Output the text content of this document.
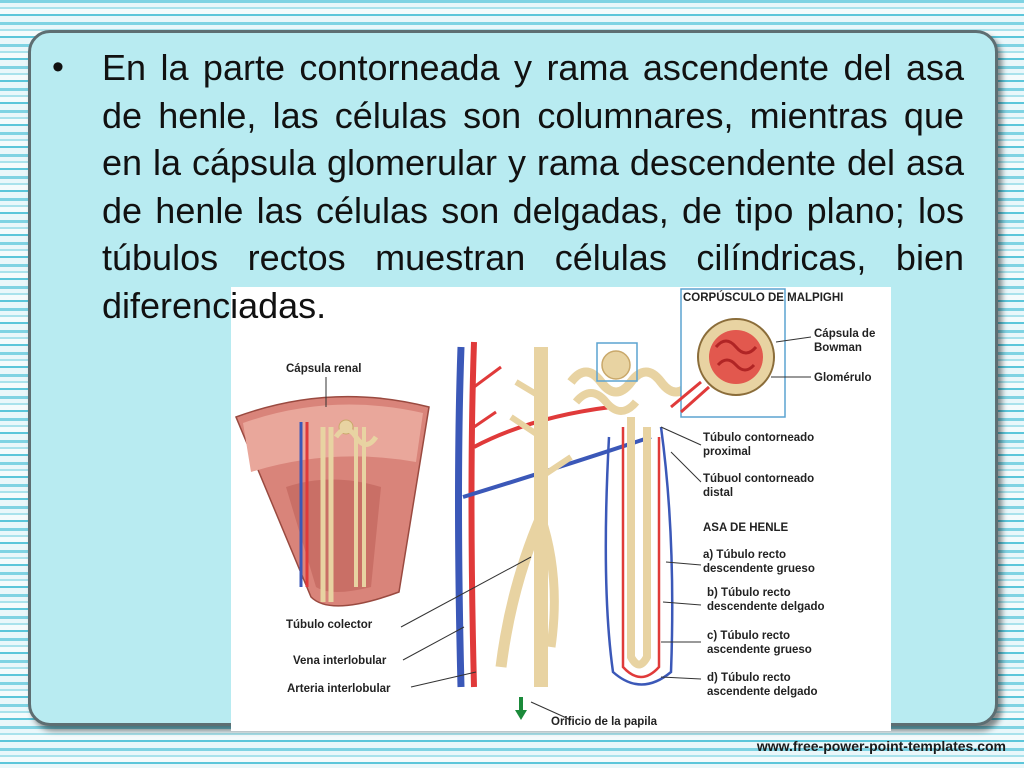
• En la parte contorneada y rama ascendente del asa de henle, las células son columnares, mientras que en la cápsula glomerular y rama descendente del asa de henle las células son delgadas, de tipo plano; los túbulos rectos muestran células cilíndricas, bien diferenciadas.	CORPÚSCULO DE MALPIGHI
Cápsula renal
Cápsula de
Bowman
Glomérulo
Túbulo contorneado
proximal
Túbuol contorneado
distal
ASA DE HENLE
a) Túbulo recto
descendente grueso
b) Túbulo recto
descendente delgado
c) Túbulo recto
ascendente grueso
d) Túbulo recto
ascendente delgado
Túbulo colector
Vena interlobular
Arteria interlobular
Orificio de la papila
www.free-power-point-templates.com
